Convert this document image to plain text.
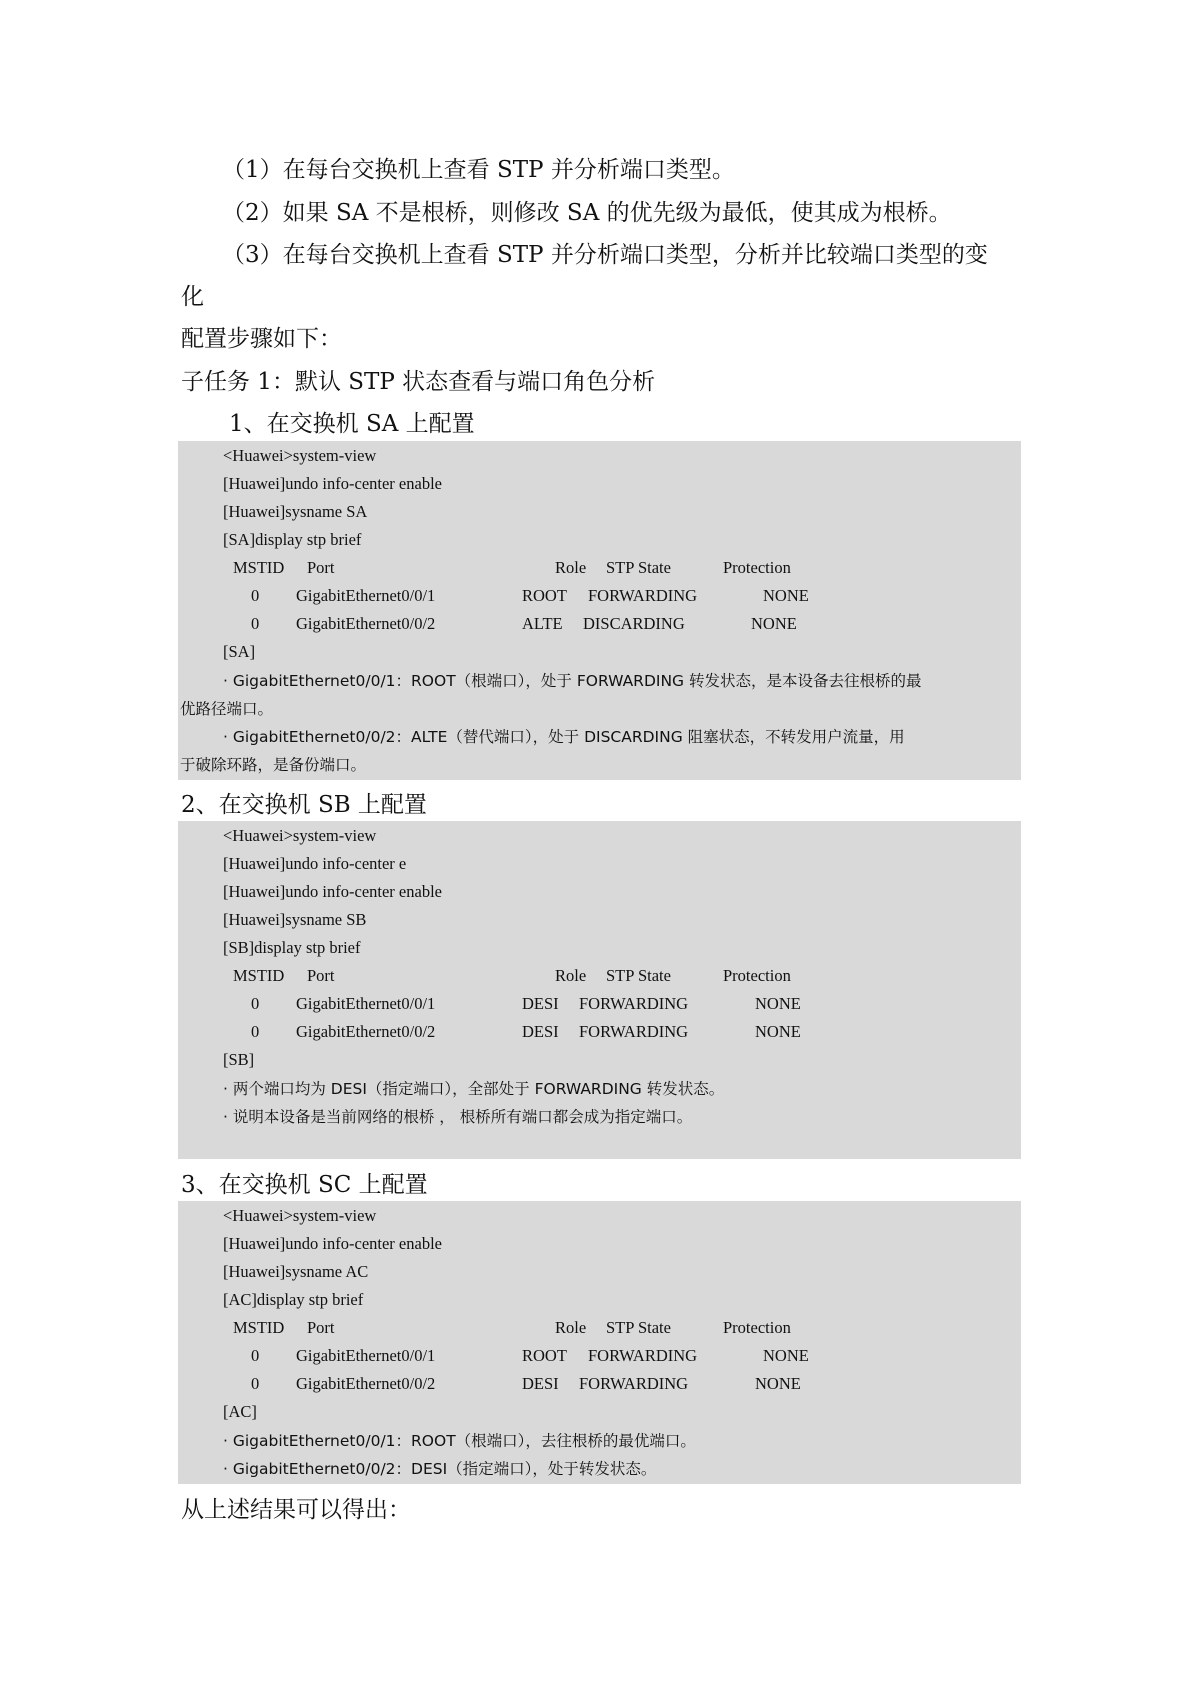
（1）在每台交换机上查看 STP 并分析端口类型。
（2）如果 SA 不是根桥，则修改 SA 的优先级为最低，使其成为根桥。
（3）在每台交换机上查看 STP 并分析端口类型，分析并比较端口类型的变
化
配置步骤如下：
子任务 1：默认 STP 状态查看与端口角色分析
1、在交换机 SA 上配置
<Huawei>system-view
[Huawei]undo info-center enable
[Huawei]sysname SA
[SA]display stp brief
MSTID Port	Role STP State	Protection
0 GigabitEthernet0/0/1	ROOT FORWARDING	NONE
0 GigabitEthernet0/0/2	ALTE DISCARDING	NONE
[SA]
· GigabitEthernet0/0/1：ROOT（根端口），处于 FORWARDING 转发状态，是本设备去往根桥的最
优路径端口。
· GigabitEthernet0/0/2：ALTE（替代端口），处于 DISCARDING 阻塞状态，不转发用户流量，用
于破除环路，是备份端口。
2、在交换机 SB 上配置
<Huawei>system-view
[Huawei]undo info-center e
[Huawei]undo info-center enable
[Huawei]sysname SB
[SB]display stp brief
MSTID Port	Role STP State	Protection
0 GigabitEthernet0/0/1	DESI FORWARDING	NONE
0 GigabitEthernet0/0/2	DESI FORWARDING	NONE
[SB]
· 两个端口均为 DESI（指定端口），全部处于 FORWARDING 转发状态。
· 说明本设备是当前网络的根桥 ， 根桥所有端口都会成为指定端口。
3、在交换机 SC 上配置
<Huawei>system-view
[Huawei]undo info-center enable
[Huawei]sysname AC
[AC]display stp brief
MSTID Port	Role STP State	Protection
0 GigabitEthernet0/0/1	ROOT FORWARDING	NONE
0 GigabitEthernet0/0/2	DESI FORWARDING	NONE
[AC]
· GigabitEthernet0/0/1：ROOT（根端口），去往根桥的最优端口。
· GigabitEthernet0/0/2：DESI（指定端口），处于转发状态。
从上述结果可以得出：
